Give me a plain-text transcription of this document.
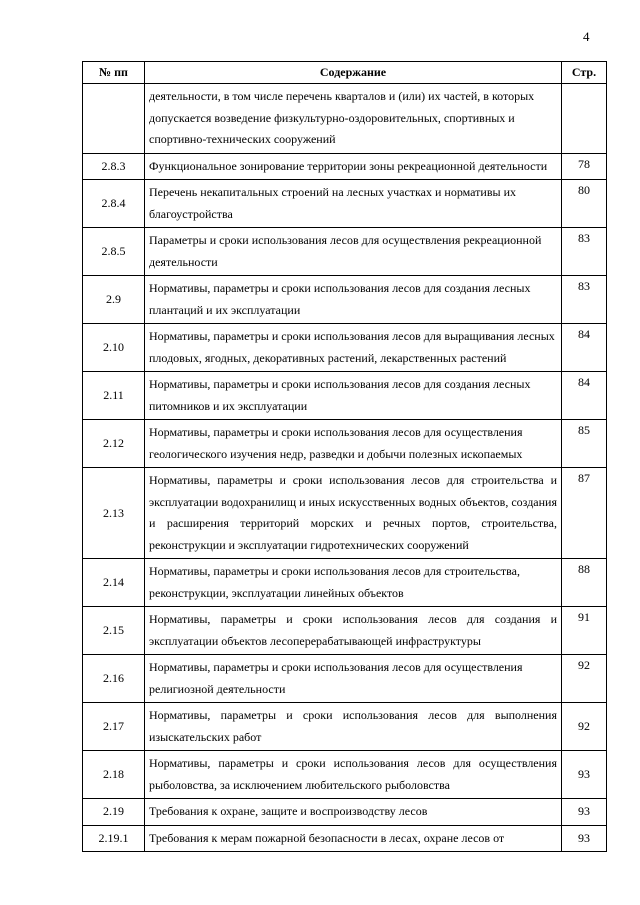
4
№ пп	Содержание	Стр.
	деятельности, в том числе перечень кварталов и (или) их частей, в которых допускается возведение физкультурно-оздоровительных, спортивных и спортивно-технических сооружений	
2.8.3	Функциональное зонирование территории зоны рекреационной деятельности	78
2.8.4	Перечень некапитальных строений на лесных участках и нормативы их благоустройства	80
2.8.5	Параметры и сроки использования лесов для осуществления рекреационной деятельности	83
2.9	Нормативы, параметры и сроки использования лесов для создания лесных плантаций и их эксплуатации	83
2.10	Нормативы, параметры и сроки использования лесов для выращивания лесных плодовых, ягодных, декоративных растений, лекарственных растений	84
2.11	Нормативы, параметры и сроки использования лесов для создания лесных питомников и их эксплуатации	84
2.12	Нормативы, параметры и сроки использования лесов для осуществления геологического изучения недр, разведки и добычи полезных ископаемых	85
2.13	Нормативы, параметры и сроки использования лесов для строительства и эксплуатации водохранилищ и иных искусственных водных объектов, создания и расширения территорий морских и речных портов, строительства, реконструкции и эксплуатации гидротехнических сооружений	87
2.14	Нормативы, параметры и сроки использования лесов для строительства, реконструкции, эксплуатации линейных объектов	88
2.15	Нормативы, параметры и сроки использования лесов для создания и эксплуатации объектов лесоперерабатывающей инфраструктуры	91
2.16	Нормативы, параметры и сроки использования лесов для осуществления религиозной деятельности	92
2.17	Нормативы, параметры и сроки использования лесов для выполнения изыскательских работ	92
2.18	Нормативы, параметры и сроки использования лесов для осуществления рыболовства, за исключением любительского рыболовства	93
2.19	Требования к охране, защите и воспроизводству лесов	93
2.19.1	Требования к мерам пожарной безопасности в лесах, охране лесов от	93
